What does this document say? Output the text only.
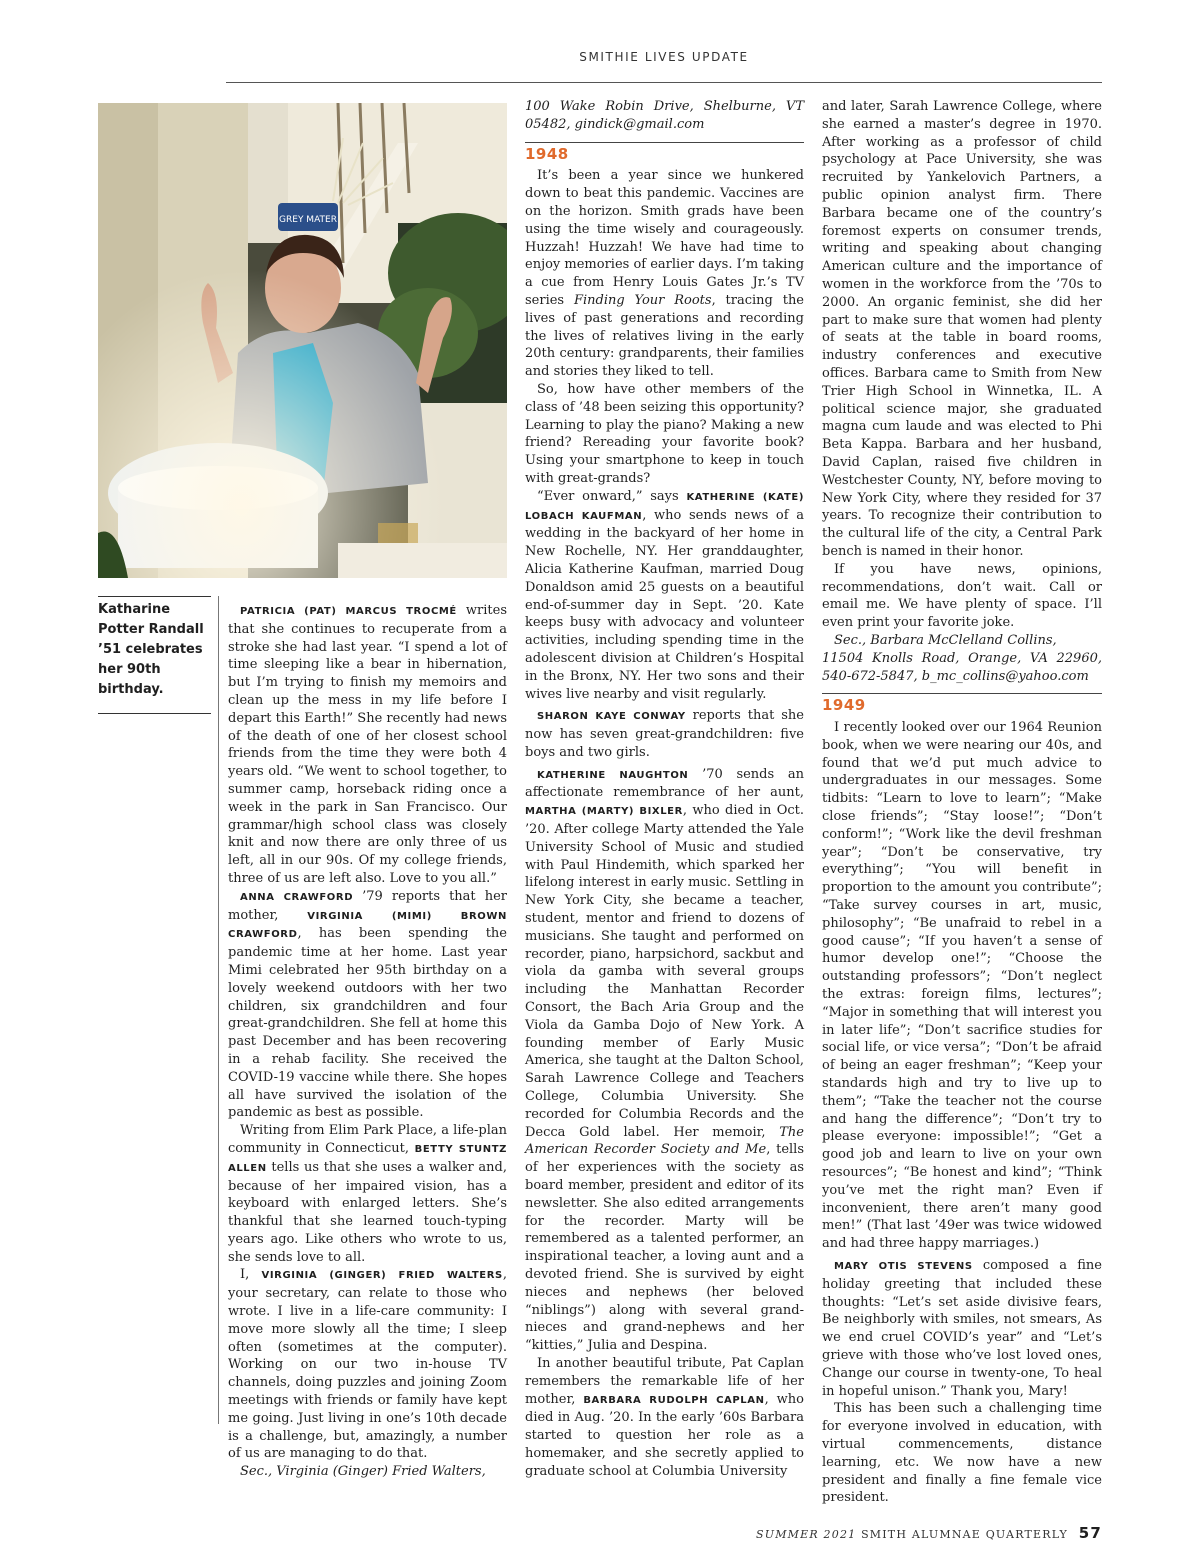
SMITHIE LIVES UPDATE
Katharine Potter Randall ’51 celebrates her 90th birthday.

PATRICIA (PAT) MARCUS TROCMÉ writes that she continues to recuperate from a stroke she had last year. “I spend a lot of time sleeping like a bear in hibernation, but I’m trying to finish my memoirs and clean up the mess in my life before I depart this Earth!” She recently had news of the death of one of her closest school friends from the time they were both 4 years old. “We went to school together, to summer camp, horseback riding once a week in the park in San Francisco. Our grammar/high school class was closely knit and now there are only three of us left, all in our 90s. Of my college friends, three of us are left also. Love to you all.”

ANNA CRAWFORD ’79 reports that her mother, VIRGINIA (MIMI) BROWN CRAWFORD, has been spending the pandemic time at her home. Last year Mimi celebrated her 95th birthday on a lovely weekend outdoors with her two children, six grandchildren and four great-grandchildren. She fell at home this past December and has been recovering in a rehab facility. She received the COVID-19 vaccine while there. She hopes all have survived the isolation of the pandemic as best as possible.

Writing from Elim Park Place, a life-plan community in Connecticut, BETTY STUNTZ ALLEN tells us that she uses a walker and, because of her impaired vision, has a keyboard with enlarged letters. She’s thankful that she learned touch-typing years ago. Like others who wrote to us, she sends love to all.

I, VIRGINIA (GINGER) FRIED WALTERS, your secretary, can relate to those who wrote. I live in a life-care community: I move more slowly all the time; I sleep often (sometimes at the computer). Working on our two in-house TV channels, doing puzzles and joining Zoom meetings with friends or family have kept me going. Just living in one’s 10th decade is a challenge, but, amazingly, a number of us are managing to do that.

Sec., Virginia (Ginger) Fried Walters,

100 Wake Robin Drive, Shelburne, VT 05482, gindick@gmail.com

1948

It’s been a year since we hunkered down to beat this pandemic. Vaccines are on the horizon. Smith grads have been using the time wisely and courageously. Huzzah! Huzzah! We have had time to enjoy memories of earlier days. I’m taking a cue from Henry Louis Gates Jr.’s TV series Finding Your Roots, tracing the lives of past generations and recording the lives of relatives living in the early 20th century: grandparents, their families and stories they liked to tell.

So, how have other members of the class of ’48 been seizing this opportunity? Learning to play the piano? Making a new friend? Rereading your favorite book? Using your smartphone to keep in touch with great-grands?

“Ever onward,” says KATHERINE (KATE) LOBACH KAUFMAN, who sends news of a wedding in the backyard of her home in New Rochelle, NY. Her granddaughter, Alicia Katherine Kaufman, married Doug Donaldson amid 25 guests on a beautiful end-of-summer day in Sept. ’20. Kate keeps busy with advocacy and volunteer activities, including spending time in the adolescent division at Children’s Hospital in the Bronx, NY. Her two sons and their wives live nearby and visit regularly.

SHARON KAYE CONWAY reports that she now has seven great-grandchildren: five boys and two girls.

KATHERINE NAUGHTON ’70 sends an affectionate remembrance of her aunt, MARTHA (MARTY) BIXLER, who died in Oct. ’20. After college Marty attended the Yale University School of Music and studied with Paul Hindemith, which sparked her lifelong interest in early music. Settling in New York City, she became a teacher, student, mentor and friend to dozens of musicians. She taught and performed on recorder, piano, harpsichord, sackbut and viola da gamba with several groups including the Manhattan Recorder Consort, the Bach Aria Group and the Viola da Gamba Dojo of New York. A founding member of Early Music America, she taught at the Dalton School, Sarah Lawrence College and Teachers College, Columbia University. She recorded for Columbia Records and the Decca Gold label. Her memoir, The American Recorder Society and Me, tells of her experiences with the society as board member, president and editor of its newsletter. She also edited arrangements for the recorder. Marty will be remembered as a talented performer, an inspirational teacher, a loving aunt and a devoted friend. She is survived by eight nieces and nephews (her beloved “niblings”) along with several grand-nieces and grand-nephews and her “kitties,” Julia and Despina.

In another beautiful tribute, Pat Caplan remembers the remarkable life of her mother, BARBARA RUDOLPH CAPLAN, who died in Aug. ’20. In the early ’60s Barbara started to question her role as a homemaker, and she secretly applied to graduate school at Columbia University

and later, Sarah Lawrence College, where she earned a master’s degree in 1970. After working as a professor of child psychology at Pace University, she was recruited by Yankelovich Partners, a public opinion analyst firm. There Barbara became one of the country’s foremost experts on consumer trends, writing and speaking about changing American culture and the importance of women in the workforce from the ’70s to 2000. An organic feminist, she did her part to make sure that women had plenty of seats at the table in board rooms, industry conferences and executive offices. Barbara came to Smith from New Trier High School in Winnetka, IL. A political science major, she graduated magna cum laude and was elected to Phi Beta Kappa. Barbara and her husband, David Caplan, raised five children in Westchester County, NY, before moving to New York City, where they resided for 37 years. To recognize their contribution to the cultural life of the city, a Central Park bench is named in their honor.

If you have news, opinions, recommendations, don’t wait. Call or email me. We have plenty of space. I’ll even print your favorite joke.

Sec., Barbara McClelland Collins,

11504 Knolls Road, Orange, VA 22960, 540-672-5847, b_mc_collins@yahoo.com

1949

I recently looked over our 1964 Reunion book, when we were nearing our 40s, and found that we’d put much advice to undergraduates in our messages. Some tidbits: “Learn to love to learn”; “Make close friends”; “Stay loose!”; “Don’t conform!”; “Work like the devil freshman year”; “Don’t be conservative, try everything”; “You will benefit in proportion to the amount you contribute”; “Take survey courses in art, music, philosophy”; “Be unafraid to rebel in a good cause”; “If you haven’t a sense of humor develop one!”; “Choose the outstanding professors”; “Don’t neglect the extras: foreign films, lectures”; “Major in something that will interest you in later life”; “Don’t sacrifice studies for social life, or vice versa”; “Don’t be afraid of being an eager freshman”; “Keep your standards high and try to live up to them”; “Take the teacher not the course and hang the difference”; “Don’t try to please everyone: impossible!”; “Get a good job and learn to live on your own resources”; “Be honest and kind”; “Think you’ve met the right man? Even if inconvenient, there aren’t many good men!” (That last ’49er was twice widowed and had three happy marriages.)

MARY OTIS STEVENS composed a fine holiday greeting that included these thoughts: “Let’s set aside divisive fears, Be neighborly with smiles, not smears, As we end cruel COVID’s year” and “Let’s grieve with those who’ve lost loved ones, Change our course in twenty-one, To heal in hopeful unison.” Thank you, Mary!

This has been such a challenging time for everyone involved in education, with virtual commencements, distance learning, etc. We now have a new president and finally a fine female vice president.

SUMMER 2021 SMITH ALUMNAE QUARTERLY 57
